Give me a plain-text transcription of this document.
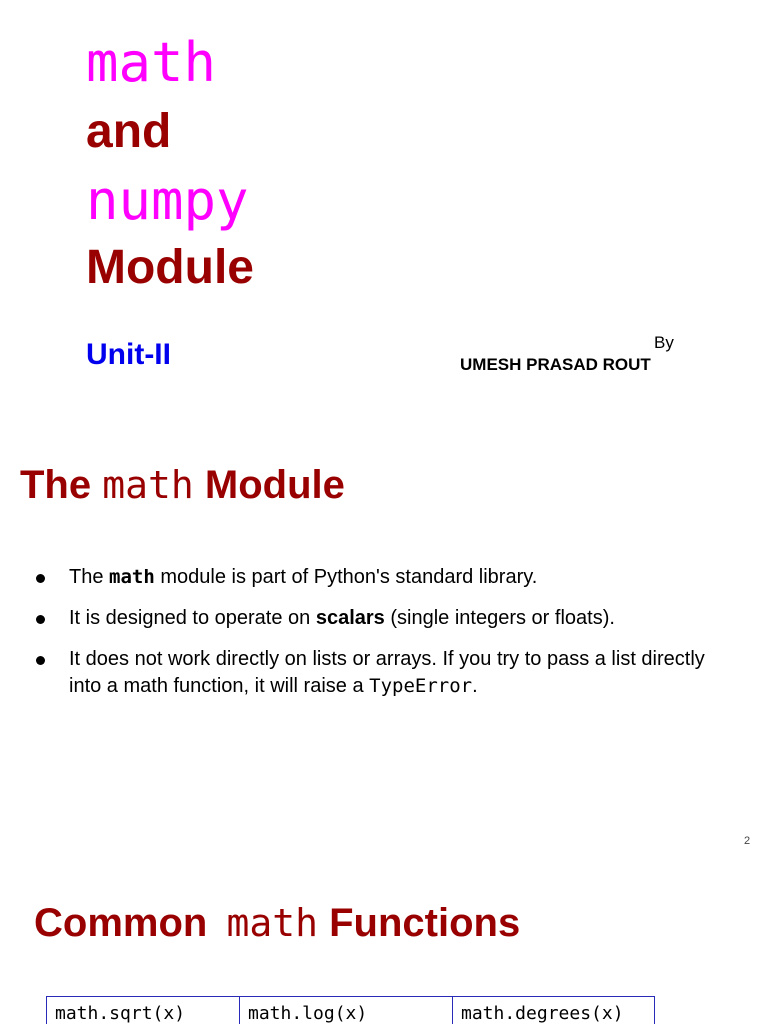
math
and
numpy
Module
Unit-II	By
UMESH PRASAD ROUT
The math Module
The math module is part of Python's standard library.
It is designed to operate on scalars (single integers or floats).
It does not work directly on lists or arrays. If you try to pass a list directly into a math function, it will raise a TypeError.
2
Common math Functions
math.sqrt(x)	math.log(x)	math.degrees(x)
